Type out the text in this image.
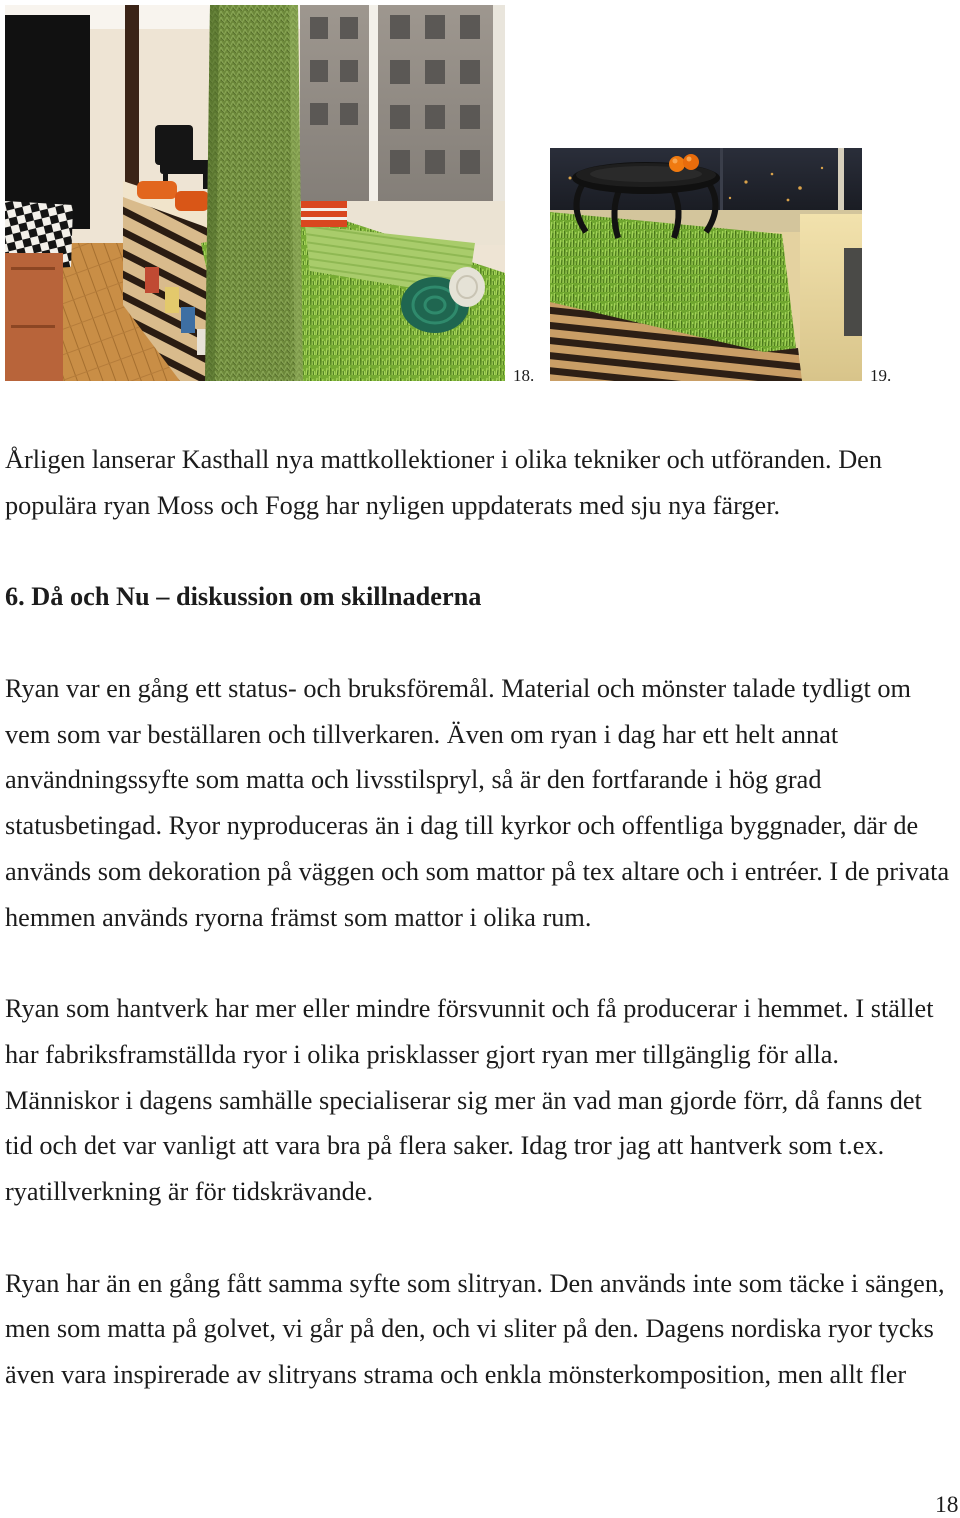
18.	19.
Årligen lanserar Kasthall nya mattkollektioner i olika tekniker och utföranden. Den
populära ryan Moss och Fogg har nyligen uppdaterats med sju nya färger.
6. Då och Nu – diskussion om skillnaderna
Ryan var en gång ett status- och bruksföremål. Material och mönster talade tydligt om
vem som var beställaren och tillverkaren. Även om ryan i dag har ett helt annat
användningssyfte som matta och livsstilspryl, så är den fortfarande i hög grad
statusbetingad. Ryor nyproduceras än i dag till kyrkor och offentliga byggnader, där de
används som dekoration på väggen och som mattor på tex altare och i entréer. I de privata
hemmen används ryorna främst som mattor i olika rum.
Ryan som hantverk har mer eller mindre försvunnit och få producerar i hemmet. I stället
har fabriksframställda ryor i olika prisklasser gjort ryan mer tillgänglig för alla.
Människor i dagens samhälle specialiserar sig mer än vad man gjorde förr, då fanns det
tid och det var vanligt att vara bra på flera saker. Idag tror jag att hantverk som t.ex.
ryatillverkning är för tidskrävande.
Ryan har än en gång fått samma syfte som slitryan. Den används inte som täcke i sängen,
men som matta på golvet, vi går på den, och vi sliter på den. Dagens nordiska ryor tycks
även vara inspirerade av slitryans strama och enkla mönsterkomposition, men allt fler
18
